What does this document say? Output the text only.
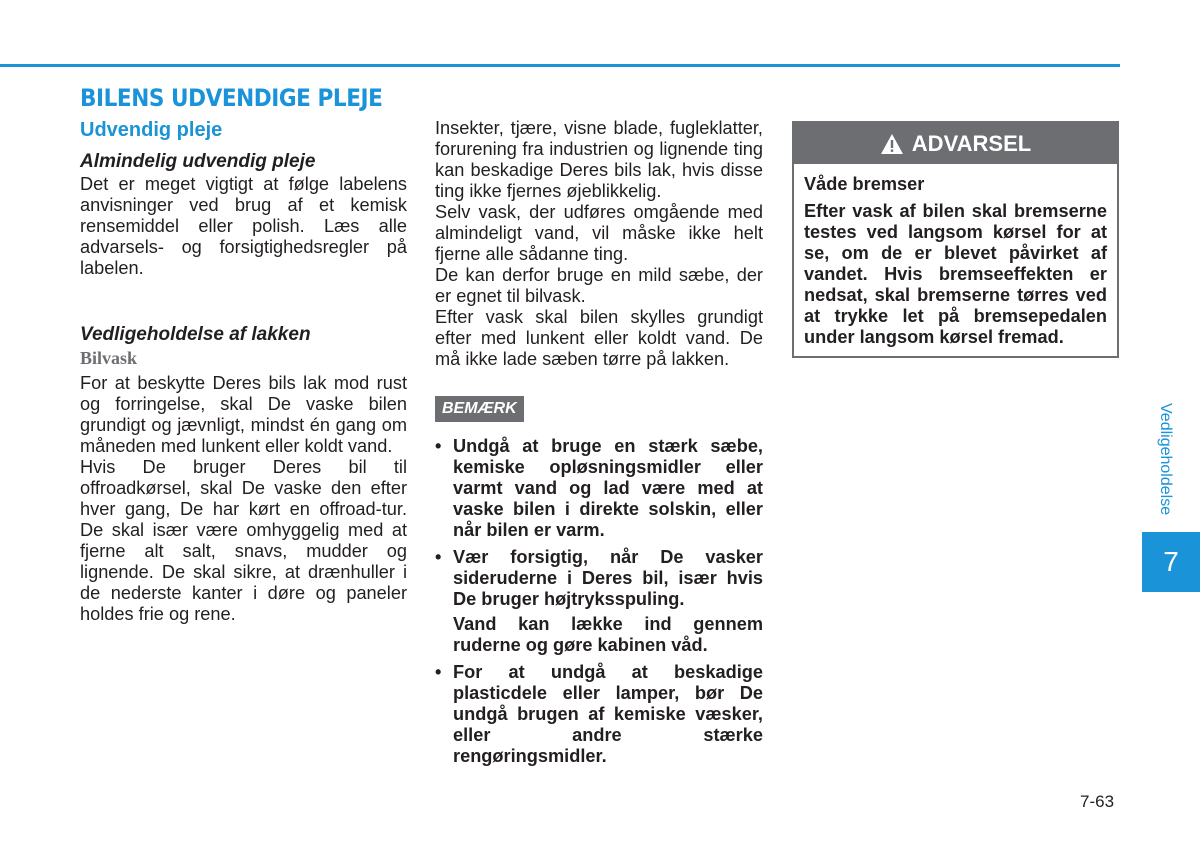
BILENS UDVENDIGE PLEJE
Udvendig pleje
Almindelig udvendig pleje

Det er meget vigtigt at følge labelens anvisninger ved brug af et kemisk rensemiddel eller polish. Læs alle advarsels- og forsigtighedsregler på labelen.

Vedligeholdelse af lakken
Bilvask

For at beskytte Deres bils lak mod rust og forringelse, skal De vaske bilen grundigt og jævnligt, mindst én gang om måneden med lunkent eller koldt vand.

Hvis De bruger Deres bil til offroadkørsel, skal De vaske den efter hver gang, De har kørt en offroad-tur. De skal især være omhyggelig med at fjerne alt salt, snavs, mudder og lignende. De skal sikre, at drænhuller i de nederste kanter i døre og paneler holdes frie og rene.

Insekter, tjære, visne blade, fugleklatter, forurening fra industrien og lignende ting kan beskadige Deres bils lak, hvis disse ting ikke fjernes øjeblikkelig.

Selv vask, der udføres omgående med almindeligt vand, vil måske ikke helt fjerne alle sådanne ting.

De kan derfor bruge en mild sæbe, der er egnet til bilvask.

Efter vask skal bilen skylles grundigt efter med lunkent eller koldt vand. De må ikke lade sæben tørre på lakken.

BEMÆRK
• Undgå at bruge en stærk sæbe, kemiske opløsningsmidler eller varmt vand og lad være med at vaske bilen i direkte solskin, eller når bilen er varm.
• Vær forsigtig, når De vasker sideruderne i Deres bil, især hvis De bruger højtryksspuling.
Vand kan lække ind gennem ruderne og gøre kabinen våd.
• For at undgå at beskadige plasticdele eller lamper, bør De undgå brugen af kemiske væsker, eller andre stærke rengøringsmidler.
ADVARSEL

Våde bremser

Efter vask af bilen skal bremserne testes ved langsom kørsel for at se, om de er blevet påvirket af vandet. Hvis bremseeffekten er nedsat, skal bremserne tørres ved at trykke let på bremsepedalen under langsom kørsel fremad.

Vedligeholdelse
7
7-63
